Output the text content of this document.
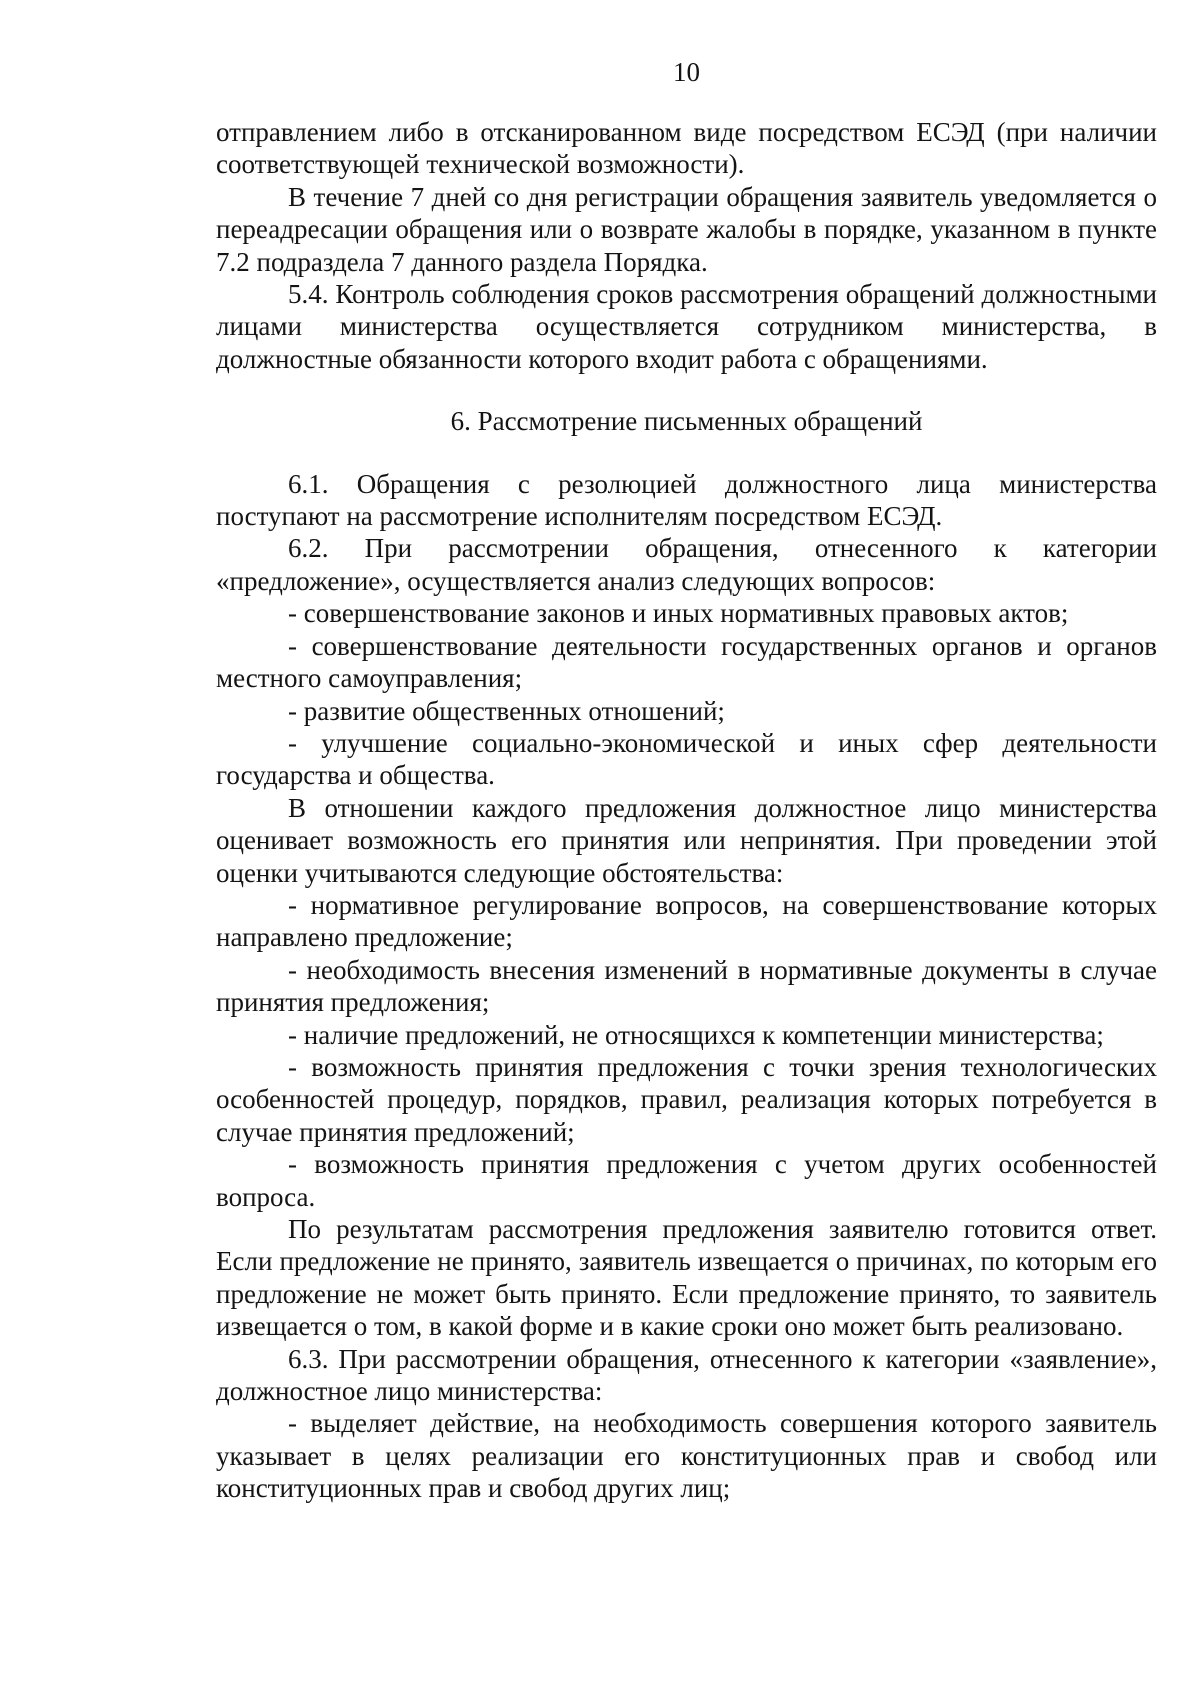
10

отправлением либо в отсканированном виде посредством ЕСЭД (при наличии соответствующей технической возможности).

В течение 7 дней со дня регистрации обращения заявитель уведомляется о переадресации обращения или о возврате жалобы в порядке, указанном в пункте 7.2 подраздела 7 данного раздела Порядка.

5.4. Контроль соблюдения сроков рассмотрения обращений должностными лицами министерства осуществляется сотрудником министерства, в должностные обязанности которого входит работа с обращениями.

6. Рассмотрение письменных обращений

6.1. Обращения с резолюцией должностного лица министерства поступают на рассмотрение исполнителям посредством ЕСЭД.

6.2. При рассмотрении обращения, отнесенного к категории «предложение», осуществляется анализ следующих вопросов:

- совершенствование законов и иных нормативных правовых актов;

- совершенствование деятельности государственных органов и органов местного самоуправления;

- развитие общественных отношений;

- улучшение социально-экономической и иных сфер деятельности государства и общества.

В отношении каждого предложения должностное лицо министерства оценивает возможность его принятия или непринятия. При проведении этой оценки учитываются следующие обстоятельства:

- нормативное регулирование вопросов, на совершенствование которых направлено предложение;

- необходимость внесения изменений в нормативные документы в случае принятия предложения;

- наличие предложений, не относящихся к компетенции министерства;

- возможность принятия предложения с точки зрения технологических особенностей процедур, порядков, правил, реализация которых потребуется в случае принятия предложений;

- возможность принятия предложения с учетом других особенностей вопроса.

По результатам рассмотрения предложения заявителю готовится ответ. Если предложение не принято, заявитель извещается о причинах, по которым его предложение не может быть принято. Если предложение принято, то заявитель извещается о том, в какой форме и в какие сроки оно может быть реализовано.

6.3. При рассмотрении обращения, отнесенного к категории «заявление», должностное лицо министерства:

- выделяет действие, на необходимость совершения которого заявитель указывает в целях реализации его конституционных прав и свобод или конституционных прав и свобод других лиц;
